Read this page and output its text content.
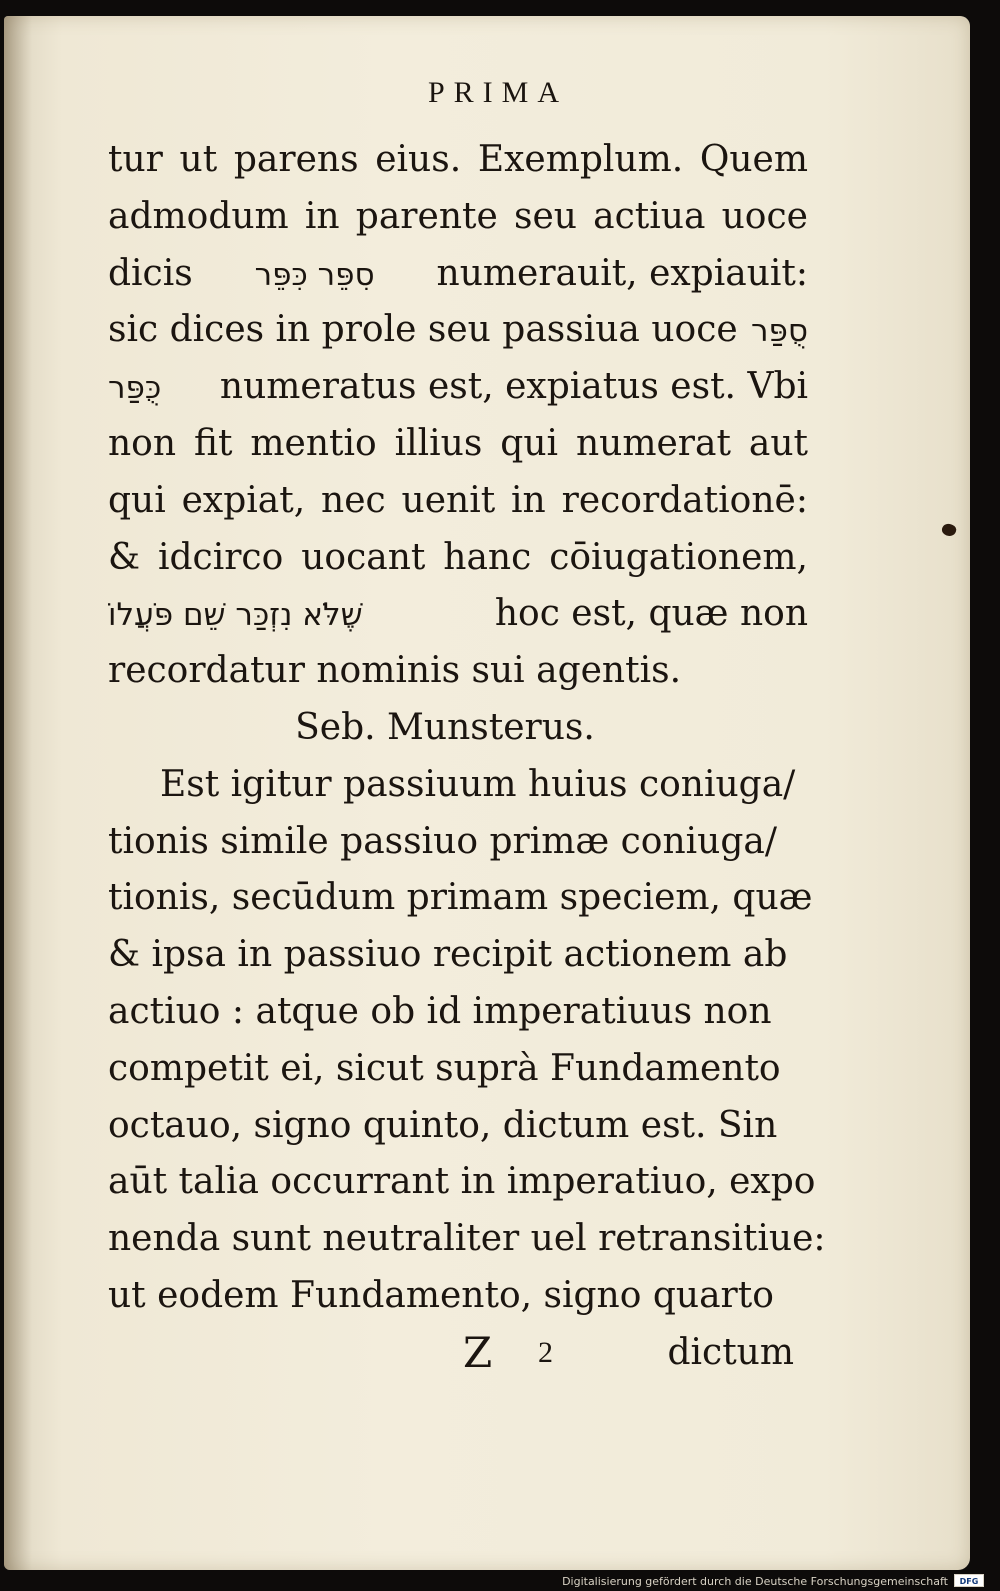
PRIMA
tur ut parens eius. Exemplum. Quem
admodum in parente seu actiua uoce
dicis סִפֵּר כִּפֵּר numerauit, expiauit:
sic dices in prole seu passiua uoce סֻפַּר
כֻּפַּר numeratus est, expiatus est. Vbi
non fit mentio illius qui numerat aut
qui expiat, nec uenit in recordationē:
& idcirco uocant hanc cōiugationem,
שֶׁלֹּא נִזְכַּר שֵׁם פֹּעֲלוֹ	hoc est, quæ non
recordatur nominis sui agentis.
Seb. Munsterus.
Est igitur passiuum huius coniuga/
tionis simile passiuo primæ coniuga/
tionis, secūdum primam speciem, quæ
& ipsa in passiuo recipit actionem ab
actiuo : atque ob id imperatiuus non
competit ei, sicut suprà Fundamento
octauo, signo quinto, dictum est. Sin
aūt talia occurrant in imperatiuo, expo
nenda sunt neutraliter uel retransitiue:
ut eodem Fundamento, signo quarto
Z 2	dictum
Digitalisierung gefördert durch die Deutsche Forschungsgemeinschaft	DFG
